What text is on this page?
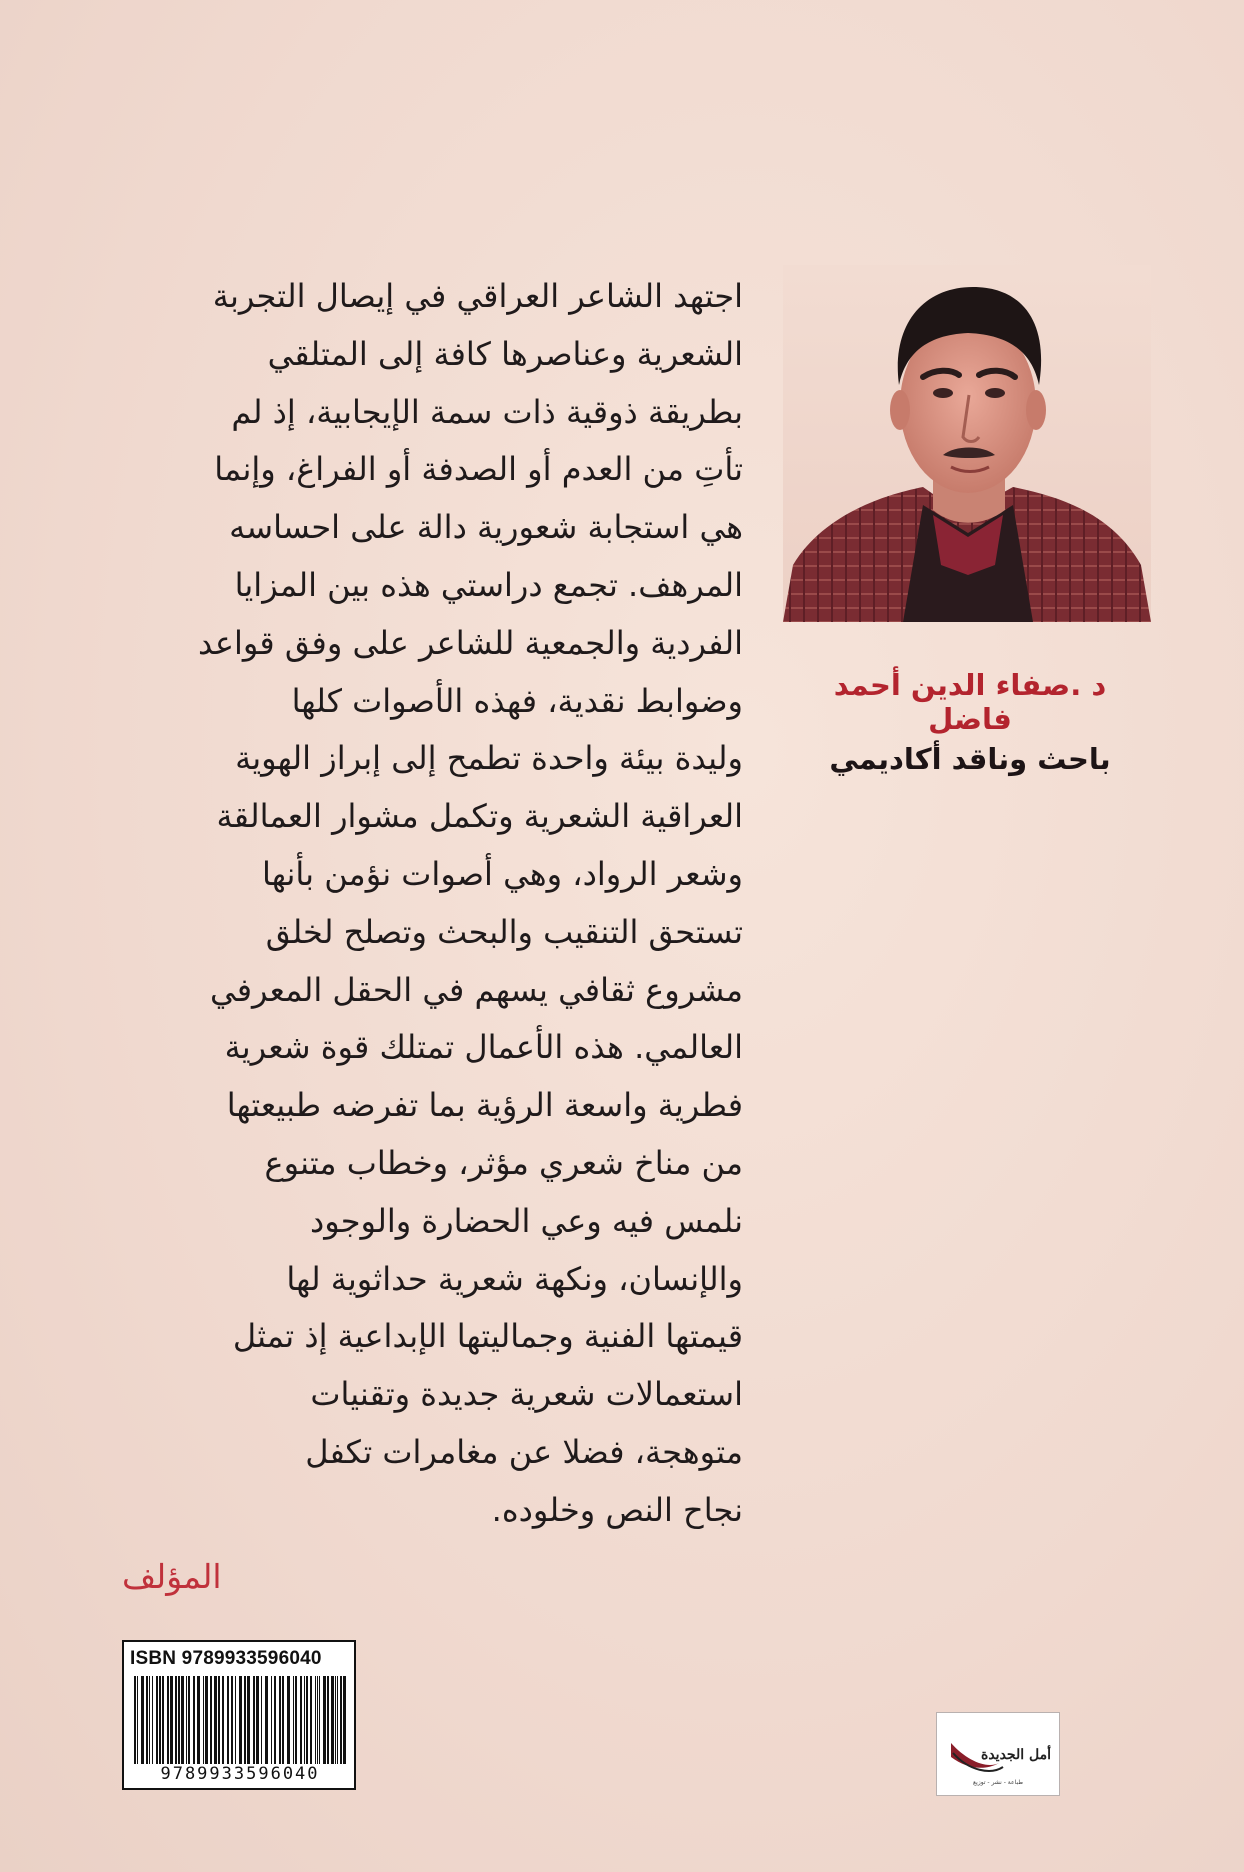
د .صفاء الدين أحمد فاضل
باحث وناقد أكاديمي
اجتهد الشاعر العراقي في إيصال التجربة
الشعرية وعناصرها كافة إلى المتلقي
بطريقة ذوقية ذات سمة الإيجابية، إذ لم
تأتِ من العدم أو الصدفة أو الفراغ، وإنما
هي استجابة شعورية دالة على احساسه
المرهف. تجمع دراستي هذه بين المزايا
الفردية والجمعية للشاعر على وفق قواعد
وضوابط نقدية، فهذه الأصوات كلها
وليدة بيئة واحدة تطمح إلى إبراز الهوية
العراقية الشعرية وتكمل مشوار العمالقة
وشعر الرواد، وهي أصوات نؤمن بأنها
تستحق التنقيب والبحث وتصلح لخلق
مشروع ثقافي يسهم في الحقل المعرفي
العالمي. هذه الأعمال تمتلك قوة شعرية
فطرية واسعة الرؤية بما تفرضه طبيعتها
من مناخ شعري مؤثر، وخطاب متنوع
نلمس فيه وعي الحضارة والوجود
والإنسان، ونكهة شعرية حداثوية لها
قيمتها الفنية وجماليتها الإبداعية إذ تمثل
استعمالات شعرية جديدة وتقنيات
متوهجة، فضلا عن مغامرات تكفل
نجاح النص وخلوده.
المؤلف
ISBN 9789933596040
9789933596040
أمل الجديدة
طباعة - نشر - توزيع
